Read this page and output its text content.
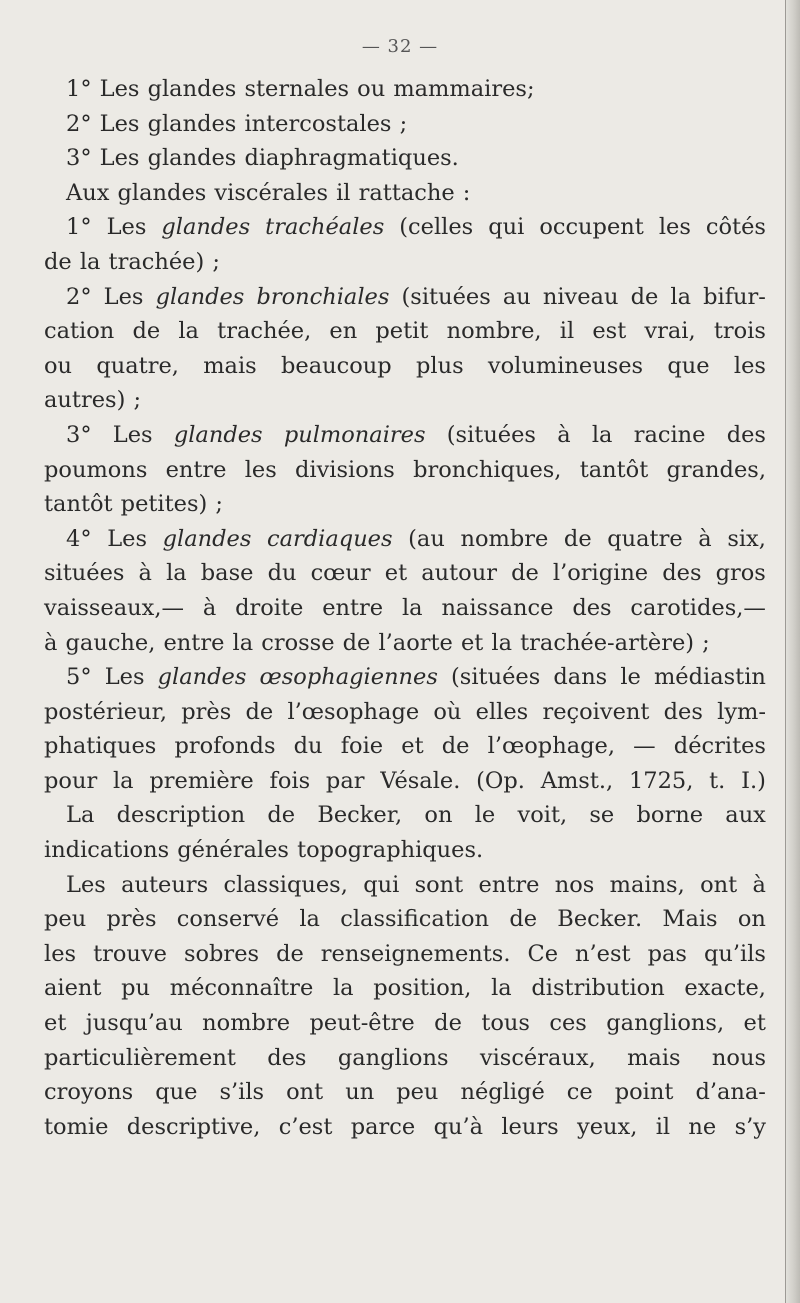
— 32 —
1° Les glandes sternales ou mammaires;
2° Les glandes intercostales ;
3° Les glandes diaphragmatiques.
Aux glandes viscérales il rattache :
1° Les glandes trachéales (celles qui occupent les côtés
de la trachée) ;
2° Les glandes bronchiales (situées au niveau de la bifur-
cation de la trachée, en petit nombre, il est vrai, trois
ou quatre, mais beaucoup plus volumineuses que les
autres) ;
3° Les glandes pulmonaires (situées à la racine des
poumons entre les divisions bronchiques, tantôt grandes,
tantôt petites) ;
4° Les glandes cardiaques (au nombre de quatre à six,
situées à la base du cœur et autour de l’origine des gros
vaisseaux,— à droite entre la naissance des carotides,—
à gauche, entre la crosse de l’aorte et la trachée-artère) ;
5° Les glandes œsophagiennes (situées dans le médiastin
postérieur, près de l’œsophage où elles reçoivent des lym-
phatiques profonds du foie et de l’œophage, — décrites
pour la première fois par Vésale. (Op. Amst., 1725, t. I.)
La description de Becker, on le voit, se borne aux
indications générales topographiques.
Les auteurs classiques, qui sont entre nos mains, ont à
peu près conservé la classification de Becker. Mais on
les trouve sobres de renseignements. Ce n’est pas qu’ils
aient pu méconnaître la position, la distribution exacte,
et jusqu’au nombre peut-être de tous ces ganglions, et
particulièrement des ganglions viscéraux, mais nous
croyons que s’ils ont un peu négligé ce point d’ana-
tomie descriptive, c’est parce qu’à leurs yeux, il ne s’y
